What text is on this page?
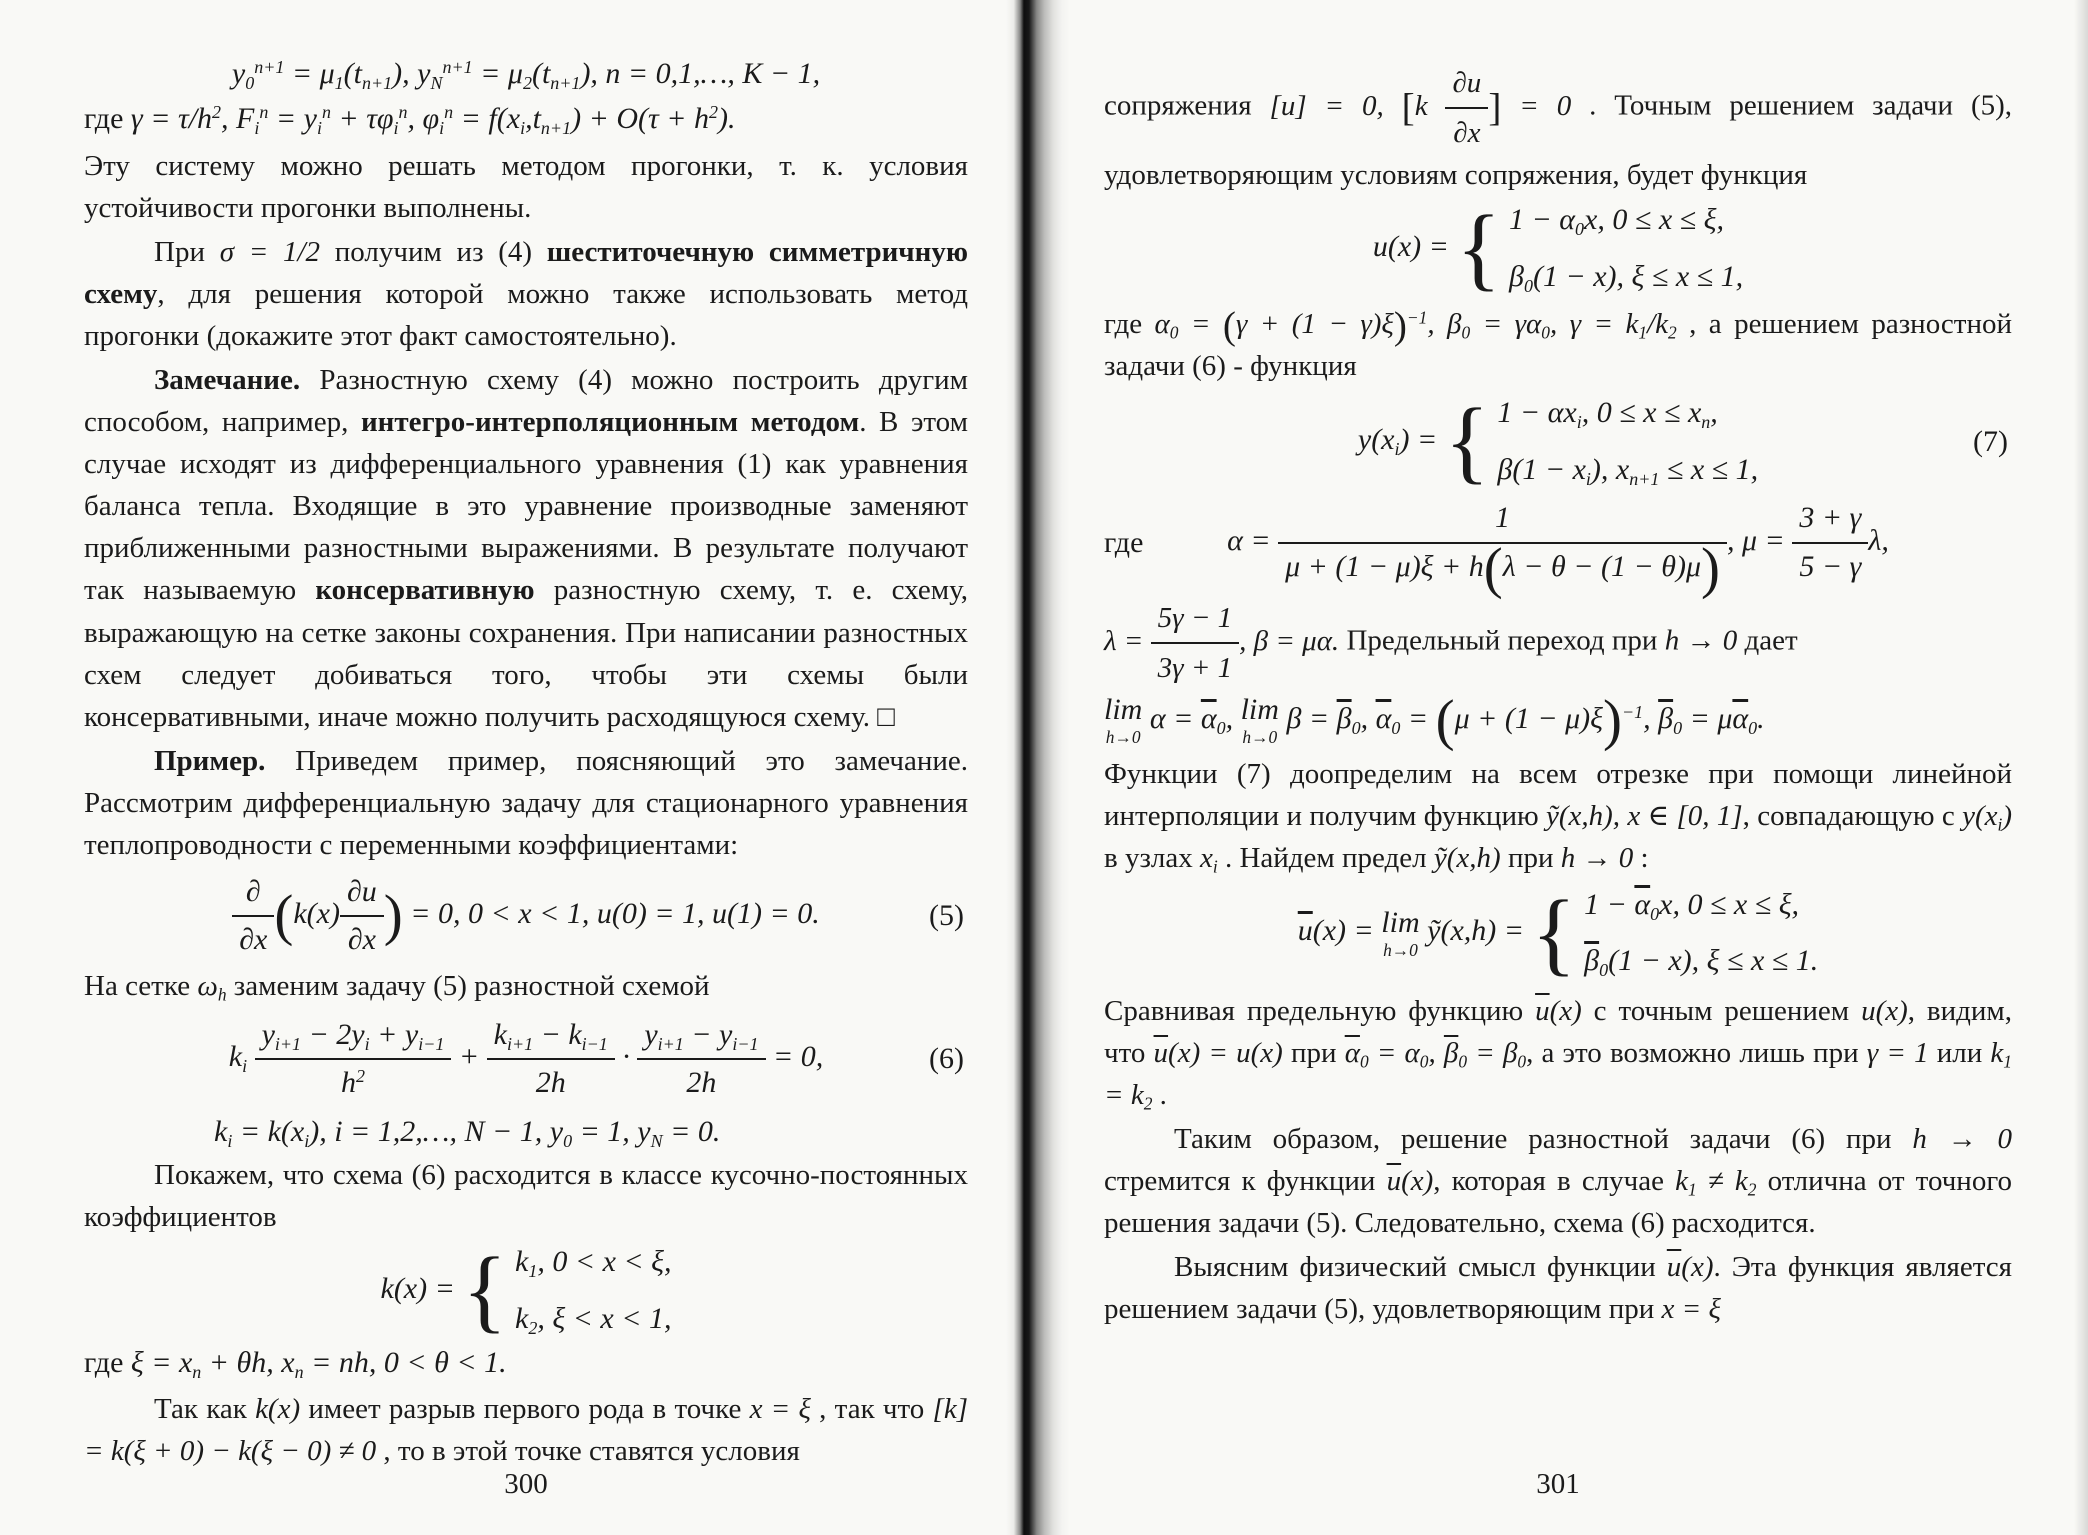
$y_0^{n+1} = \mu_1(t_{n+1})$, $y_N^{n+1} = \mu_2(t_{n+1})$, n = 0,1,…, K − 1,
где $\gamma = \tau/h^2$, $F_i^n = y_i^n + \tau\varphi_i^n$, $\varphi_i^n = f(x_i,t_{n+1}) + O(\tau + h^2)$.

Эту систему можно решать методом прогонки, т. к. условия устойчивости прогонки выполнены.

При σ = 1/2 получим из (4) шеститочечную симметричную схему, для решения которой можно также использовать метод прогонки (докажите этот факт самостоятельно).

Замечание. Разностную схему (4) можно построить другим способом, например, интегро-интерполяционным методом. В этом случае исходят из дифференциального уравнения (1) как уравнения баланса тепла. Входящие в это уравнение производные заменяют приближенными разностными выражениями. В результате получают так называемую консервативную разностную схему, т. е. схему, выражающую на сетке законы сохранения. При написании разностных схем следует добиваться того, чтобы эти схемы были консервативными, иначе можно получить расходящуюся схему. □

Пример. Приведем пример, поясняющий это замечание. Рассмотрим дифференциальную задачу для стационарного уравнения теплопроводности с переменными коэффициентами:

∂
∂x ($k(x) \frac{\partial u}{\partial x}$ ) = 0, 0 < x < 1, u(0) = 1, u(1) = 0.	(5)

На сетке $\omega_h$ заменим задачу (5) разностной схемой

$k_i \frac{y_{i+1} - 2y_i + y_{i-1}}{h^2} + \frac{k_{i+1} - k_{i-1}}{2h} \cdot \frac{y_{i+1} - y_{i-1}}{2h} = 0$,	(6)
$k_i = k(x_i)$, i = 1,2,…, N − 1, $y_0 = 1$, $y_N = 0$.

Покажем, что схема (6) расходится в классе кусочно-постоянных коэффициентов

k(x) = { $k_1$, 0 < x < ξ,
$k_2$, ξ < x < 1,
где $\xi = x_n + \theta h$, $x_n$ = nh, 0 < θ < 1.

Так как k(x) имеет разрыв первого рода в точке x = ξ , так что [k] = k(ξ + 0) − k(ξ − 0) ≠ 0 , то в этой точке ставятся условия

300

сопряжения [u] = 0, [$k \frac{\partial u}{\partial x}$ ] = 0 . Точным решением задачи (5), удовлетворяющим условиям сопряжения, будет функция

u(x) = { $1 - \alpha_0x$, 0 ≤ x ≤ ξ,
$\beta_0(1 - x)$, ξ ≤ x ≤ 1,

где $\alpha_0 = (\gamma + (1 - \gamma)\xi)^{-1}$, $\beta_0 = \gamma\alpha_0$, $\gamma = k_1/k_2$ , а решением разностной задачи (6) - функция

$y(x_i)$ = { $1 - \alpha x_i$, $0 \le x \le x_n$,
$\beta(1 - x_i)$, $x_{n+1} \le x \le 1$,
(7)
где	$\alpha = \frac{1}{\mu + (1 - \mu)\xi + h(\lambda - \theta - (1 - \theta)\mu)}$ , $\mu = \frac{3 + \gamma}{5 - \gamma} \lambda$,

$\lambda = \frac{5\gamma - 1}{3\gamma + 1}$ , β = μα. Предельный переход при h → 0 дает

lim
h→0
$\alpha = \overline{\alpha}_0$, lim
h→0
$\beta = \overline{\beta}_0$, $\overline{\alpha}_0 = (\mu + (1 - \mu)\xi)^{-1}$, $\overline{\beta}_0 = \mu\overline{\alpha}_0$.

Функции (7) доопределим на всем отрезке при помощи линейной интерполяции и получим функцию ỹ(x,h), x ∈ [0, 1], совпадающую с $y(x_i)$ в узлах $x_i$ . Найдем предел ỹ(x,h) при h → 0 :

$\overline{u}(x) = \lim$
h→0
ỹ(x,h) = { $1 - \overline{\alpha}_0x$, 0 ≤ x ≤ ξ,
$\overline{\beta}_0(1 - x)$, ξ ≤ x ≤ 1.

Сравнивая предельную функцию $\overline{u}(x)$ с точным решением u(x), видим, что $\overline{u}(x) = u(x)$ при $\overline{\alpha}_0 = \alpha_0$, $\overline{\beta}_0 = \beta_0$, а это возможно лишь при γ = 1 или $k_1 = k_2$ .

Таким образом, решение разностной задачи (6) при h → 0 стремится к функции $\overline{u}(x)$, которая в случае $k_1 \ne k_2$ отлична от точного решения задачи (5). Следовательно, схема (6) расходится.

Выясним физический смысл функции $\overline{u}(x)$. Эта функция является решением задачи (5), удовлетворяющим при x = ξ

301
